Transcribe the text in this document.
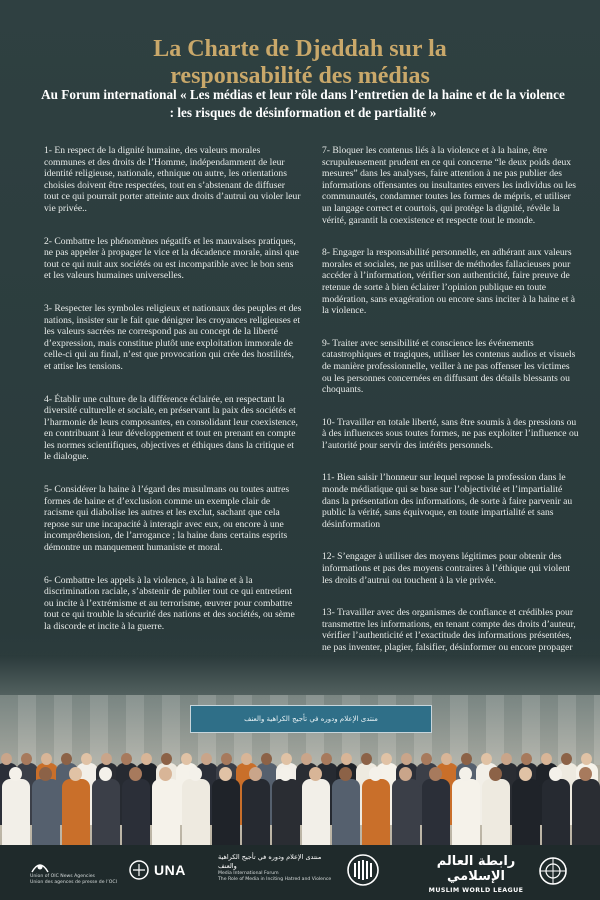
La Charte de Djeddah sur la
responsabilité des médias

Au Forum international « Les médias et leur rôle dans l’entretien de la haine et de la violence : les risques de désinformation et de partialité »

1- En respect de la dignité humaine, des valeurs morales communes et des droits de l’Homme, indépendamment de leur identité religieuse, nationale, ethnique ou autre, les orientations choisies doivent être respectées, tout en s’abstenant de diffuser tout ce qui pourrait porter atteinte aux droits d’autrui ou violer leur vie privée..

2- Combattre les phénomènes négatifs et les mauvaises pratiques, ne pas appeler à propager le vice et la décadence morale, ainsi que tout ce qui nuit aux sociétés ou est incompatible avec le bon sens et les valeurs humaines universelles.

3- Respecter les symboles religieux et nationaux des peuples et des nations, insister sur le fait que dénigrer les croyances religieuses et les valeurs sacrées ne correspond pas au concept de la liberté d’expression, mais constitue plutôt une exploitation immorale de celle-ci qui au final, n’est que provocation qui crée des hostilités, et attise les tensions.

4- Établir une culture de la différence éclairée, en respectant la diversité culturelle et sociale, en préservant la paix des sociétés et l’harmonie de leurs composantes, en consolidant leur coexistence, en contribuant à leur développement et tout en prenant en compte les normes scientifiques, objectives et éthiques dans la critique et le dialogue.

5- Considérer la haine à l’égard des musulmans ou toutes autres formes de haine et d’exclusion comme un exemple clair de racisme qui diabolise les autres et les exclut, sachant que cela repose sur une incapacité à interagir avec eux, ou encore à une incompréhension, de l’arrogance ; la haine dans certains esprits démontre un manquement humaniste et moral.

6- Combattre les appels à la violence, à la haine et à la discrimination raciale, s’abstenir de publier tout ce qui entretient ou incite à l’extrémisme et au terrorisme, œuvrer pour combattre tout ce qui trouble la sécurité des nations et des sociétés, ou sème la discorde et incite à la guerre.

7- Bloquer les contenus liés à la violence et à la haine, être scrupuleusement prudent en ce qui concerne “le deux poids deux mesures” dans les analyses, faire attention à ne pas publier des informations offensantes ou insultantes envers les individus ou les communautés, condamner toutes les formes de mépris, et utiliser un langage correct et courtois, qui protège la dignité, révèle la vérité, garantit la coexistence et respecte tout le monde.

8- Engager la responsabilité personnelle, en adhérant aux valeurs morales et sociales, ne pas utiliser de méthodes fallacieuses pour accéder à l’information, vérifier son authenticité, faire preuve de retenue de sorte à bien éclairer l’opinion publique en toute modération, sans exagération ou encore sans inciter à la haine et à la violence.

9- Traiter avec sensibilité et conscience les événements catastrophiques et tragiques, utiliser les contenus audios et visuels de manière professionnelle, veiller à ne pas offenser les victimes ou les personnes concernées en diffusant des détails blessants ou choquants.

10- Travailler en totale liberté, sans être soumis à des pressions ou à des influences sous toutes formes, ne pas exploiter l’influence ou l’autorité pour servir des intérêts personnels.

11- Bien saisir l’honneur sur lequel repose la profession dans le monde médiatique qui se base sur l’objectivité et l’impartialité dans la présentation des informations, de sorte à faire parvenir au public la vérité, sans équivoque, en toute impartialité et sans désinformation

12- S’engager à utiliser des moyens légitimes pour obtenir des informations et pas des moyens contraires à l’éthique qui violent les droits d’autrui ou touchent à la vie privée.

13- Travailler avec des organismes de confiance et crédibles pour transmettre les informations, en tenant compte des droits d’auteur, vérifier l’authenticité et l’exactitude des informations présentées, ne pas inventer, plagier, falsifier, désinformer ou encore propager

منتدى الإعلام ودوره في تأجيج الكراهية والعنف
Union of OIC News Agencies
Union des agences de presse de l’OCI
UNA
منتدى الإعلام ودوره في تأجيج الكراهية والعنف
Media International Forum
The Role of Media in Inciting Hatred and Violence
رابطة العالم الإسلامي
MUSLIM WORLD LEAGUE
